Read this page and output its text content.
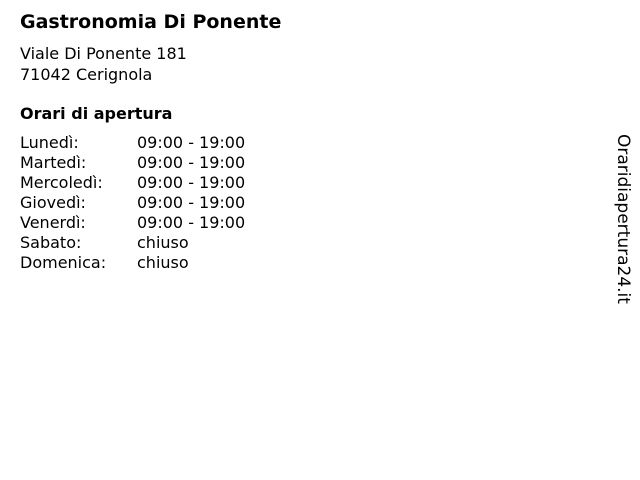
Gastronomia Di Ponente
Viale Di Ponente 181
71042 Cerignola
Orari di apertura
Lunedì:	09:00 - 19:00
Martedì:	09:00 - 19:00
Mercoledì: 09:00 - 19:00
Giovedì:	09:00 - 19:00
Venerdì:	09:00 - 19:00
Sabato:	chiuso
Domenica: chiuso	Oraridiapertura24.it
